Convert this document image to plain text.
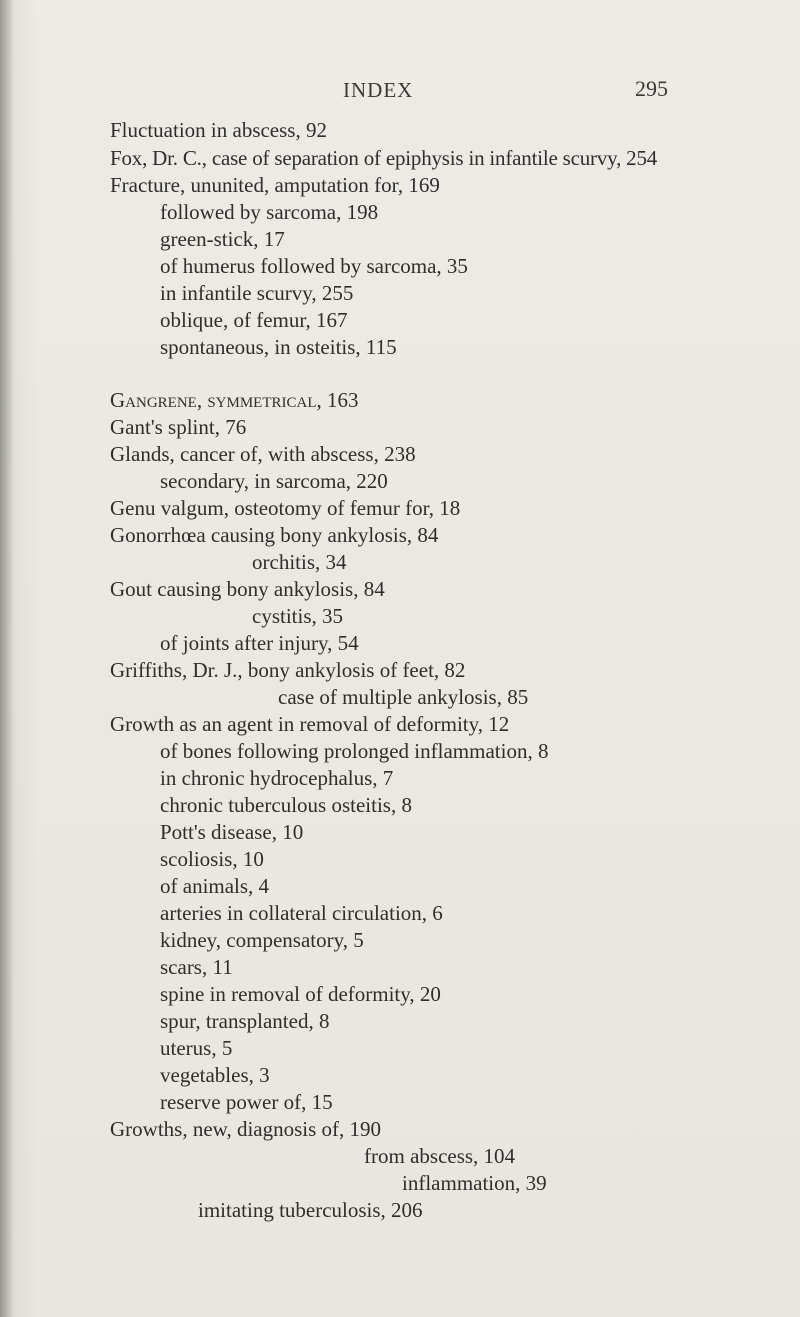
INDEX	295
Fluctuation in abscess, 92
Fox, Dr. C., case of separation of epiphysis in infantile scurvy, 254
Fracture, ununited, amputation for, 169
followed by sarcoma, 198
green-stick, 17
of humerus followed by sarcoma, 35
in infantile scurvy, 255
oblique, of femur, 167
spontaneous, in osteitis, 115
Gangrene, symmetrical, 163
Gant's splint, 76
Glands, cancer of, with abscess, 238
secondary, in sarcoma, 220
Genu valgum, osteotomy of femur for, 18
Gonorrhœa causing bony ankylosis, 84
orchitis, 34
Gout causing bony ankylosis, 84
cystitis, 35
of joints after injury, 54
Griffiths, Dr. J., bony ankylosis of feet, 82
case of multiple ankylosis, 85
Growth as an agent in removal of deformity, 12
of bones following prolonged inflammation, 8
in chronic hydrocephalus, 7
chronic tuberculous osteitis, 8
Pott's disease, 10
scoliosis, 10
of animals, 4
arteries in collateral circulation, 6
kidney, compensatory, 5
scars, 11
spine in removal of deformity, 20
spur, transplanted, 8
uterus, 5
vegetables, 3
reserve power of, 15
Growths, new, diagnosis of, 190
from abscess, 104
inflammation, 39
imitating tuberculosis, 206
